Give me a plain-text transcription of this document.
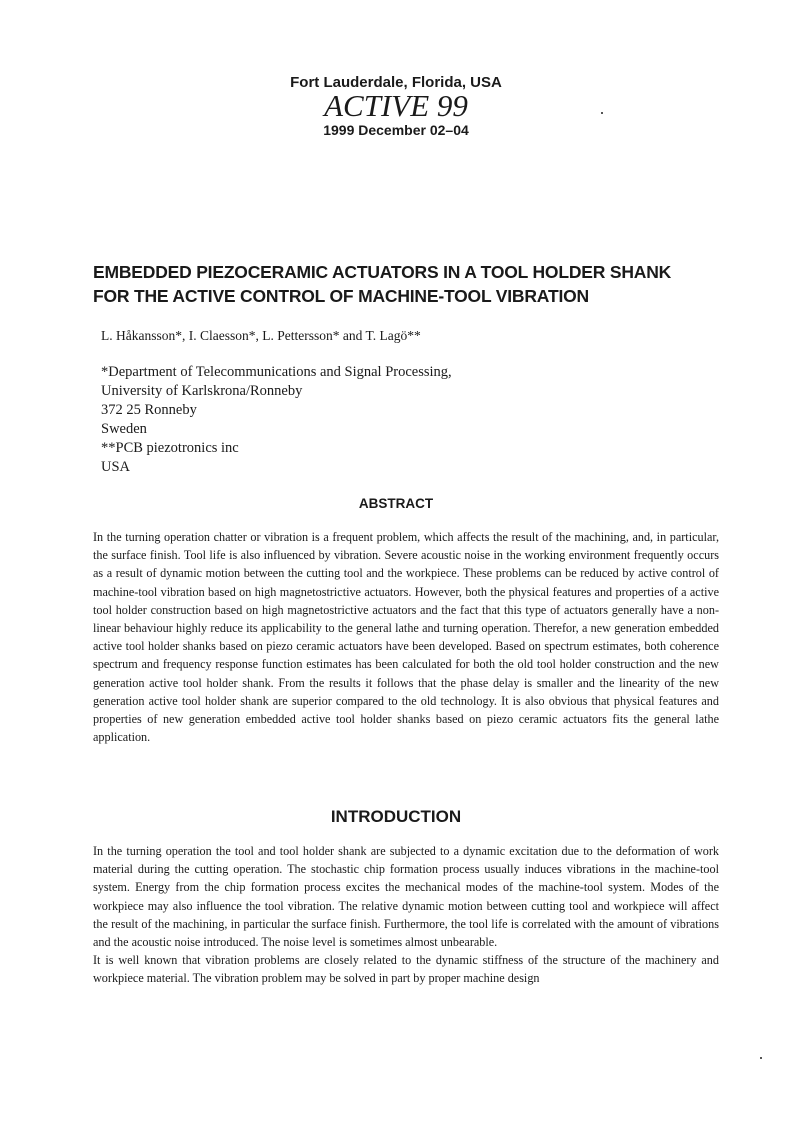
Fort Lauderdale, Florida, USA
ACTIVE 99
1999 December 02–04
EMBEDDED PIEZOCERAMIC ACTUATORS IN A TOOL HOLDER SHANK
FOR THE ACTIVE CONTROL OF MACHINE-TOOL VIBRATION
L. Håkansson*, I. Claesson*, L. Pettersson* and T. Lagö**
*Department of Telecommunications and Signal Processing,
University of Karlskrona/Ronneby
372 25 Ronneby
Sweden
**PCB piezotronics inc
USA
ABSTRACT

In the turning operation chatter or vibration is a frequent problem, which affects the result of the machining, and, in particular, the surface finish. Tool life is also influenced by vibration. Severe acoustic noise in the working environment frequently occurs as a result of dynamic motion between the cutting tool and the workpiece. These problems can be reduced by active control of machine-tool vibration based on high magnetostrictive actuators. However, both the physical features and properties of a active tool holder construction based on high magnetostrictive actuators and the fact that this type of actuators generally have a non-linear behaviour highly reduce its applicability to the general lathe and turning operation. Therefor, a new generation embedded active tool holder shanks based on piezo ceramic actuators have been developed. Based on spectrum estimates, both coherence spectrum and frequency response function estimates has been calculated for both the old tool holder construction and the new generation active tool holder shank. From the results it follows that the phase delay is smaller and the linearity of the new generation active tool holder shank are superior compared to the old technology. It is also obvious that physical features and properties of new generation embedded active tool holder shanks based on piezo ceramic actuators fits the general lathe application.

INTRODUCTION

In the turning operation the tool and tool holder shank are subjected to a dynamic excitation due to the deformation of work material during the cutting operation. The stochastic chip formation process usually induces vibrations in the machine-tool system. Energy from the chip formation process excites the mechanical modes of the machine-tool system. Modes of the workpiece may also influence the tool vibration. The relative dynamic motion between cutting tool and workpiece will affect the result of the machining, in particular the surface finish. Furthermore, the tool life is correlated with the amount of vibrations and the acoustic noise introduced. The noise level is sometimes almost unbearable.

It is well known that vibration problems are closely related to the dynamic stiffness of the structure of the machinery and workpiece material. The vibration problem may be solved in part by proper machine design
